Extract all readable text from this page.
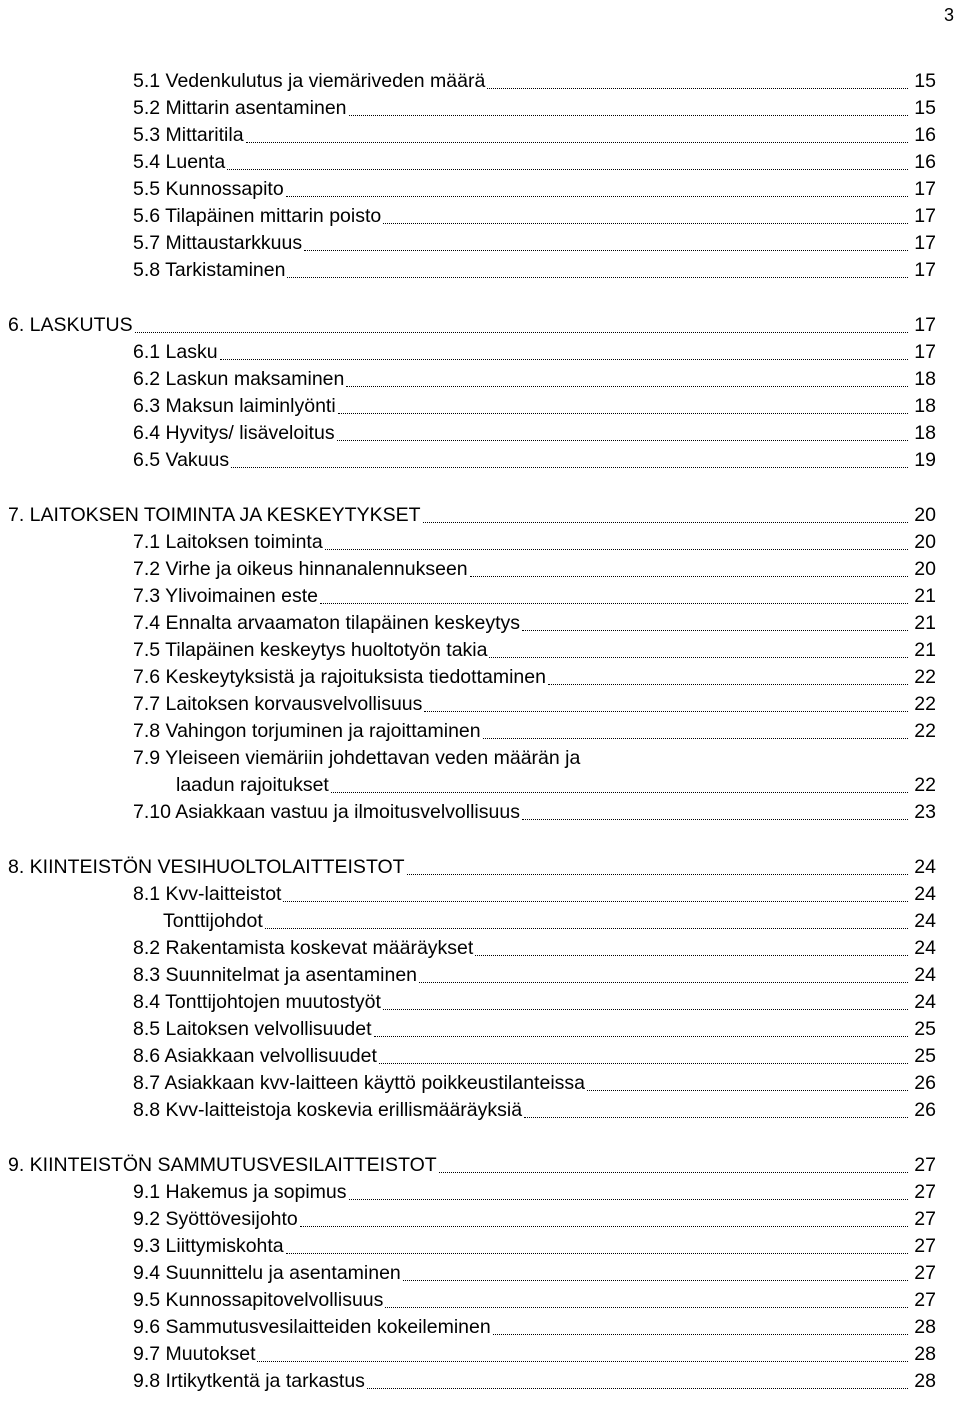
3
5.1 Vedenkulutus ja viemäriveden määrä	15
5.2 Mittarin asentaminen	15
5.3 Mittaritila	16
5.4 Luenta	16
5.5 Kunnossapito	17
5.6 Tilapäinen mittarin poisto	17
5.7 Mittaustarkkuus	17
5.8 Tarkistaminen	17
6. LASKUTUS	17
6.1 Lasku	17
6.2 Laskun maksaminen	18
6.3 Maksun laiminlyönti	18
6.4 Hyvitys/ lisäveloitus	18
6.5 Vakuus	19
7. LAITOKSEN TOIMINTA JA KESKEYTYKSET	20
7.1 Laitoksen toiminta	20
7.2 Virhe ja oikeus hinnanalennukseen	20
7.3 Ylivoimainen este	21
7.4 Ennalta arvaamaton tilapäinen keskeytys	21
7.5 Tilapäinen keskeytys huoltotyön takia	21
7.6 Keskeytyksistä ja rajoituksista tiedottaminen	22
7.7 Laitoksen korvausvelvollisuus	22
7.8 Vahingon torjuminen ja rajoittaminen	22
7.9 Yleiseen viemäriin johdettavan veden määrän ja
laadun rajoitukset	22
7.10 Asiakkaan vastuu ja ilmoitusvelvollisuus	23
8. KIINTEISTÖN VESIHUOLTOLAITTEISTOT	24
8.1 Kvv-laitteistot	24
Tonttijohdot	24
8.2 Rakentamista koskevat määräykset	24
8.3 Suunnitelmat ja asentaminen	24
8.4 Tonttijohtojen muutostyöt	24
8.5 Laitoksen velvollisuudet	25
8.6 Asiakkaan velvollisuudet	25
8.7 Asiakkaan kvv-laitteen käyttö poikkeustilanteissa	26
8.8 Kvv-laitteistoja koskevia erillismääräyksiä	26
9. KIINTEISTÖN SAMMUTUSVESILAITTEISTOT	27
9.1 Hakemus ja sopimus	27
9.2 Syöttövesijohto	27
9.3 Liittymiskohta	27
9.4 Suunnittelu ja asentaminen	27
9.5 Kunnossapitovelvollisuus	27
9.6 Sammutusvesilaitteiden kokeileminen	28
9.7 Muutokset	28
9.8 Irtikytkentä ja tarkastus	28
